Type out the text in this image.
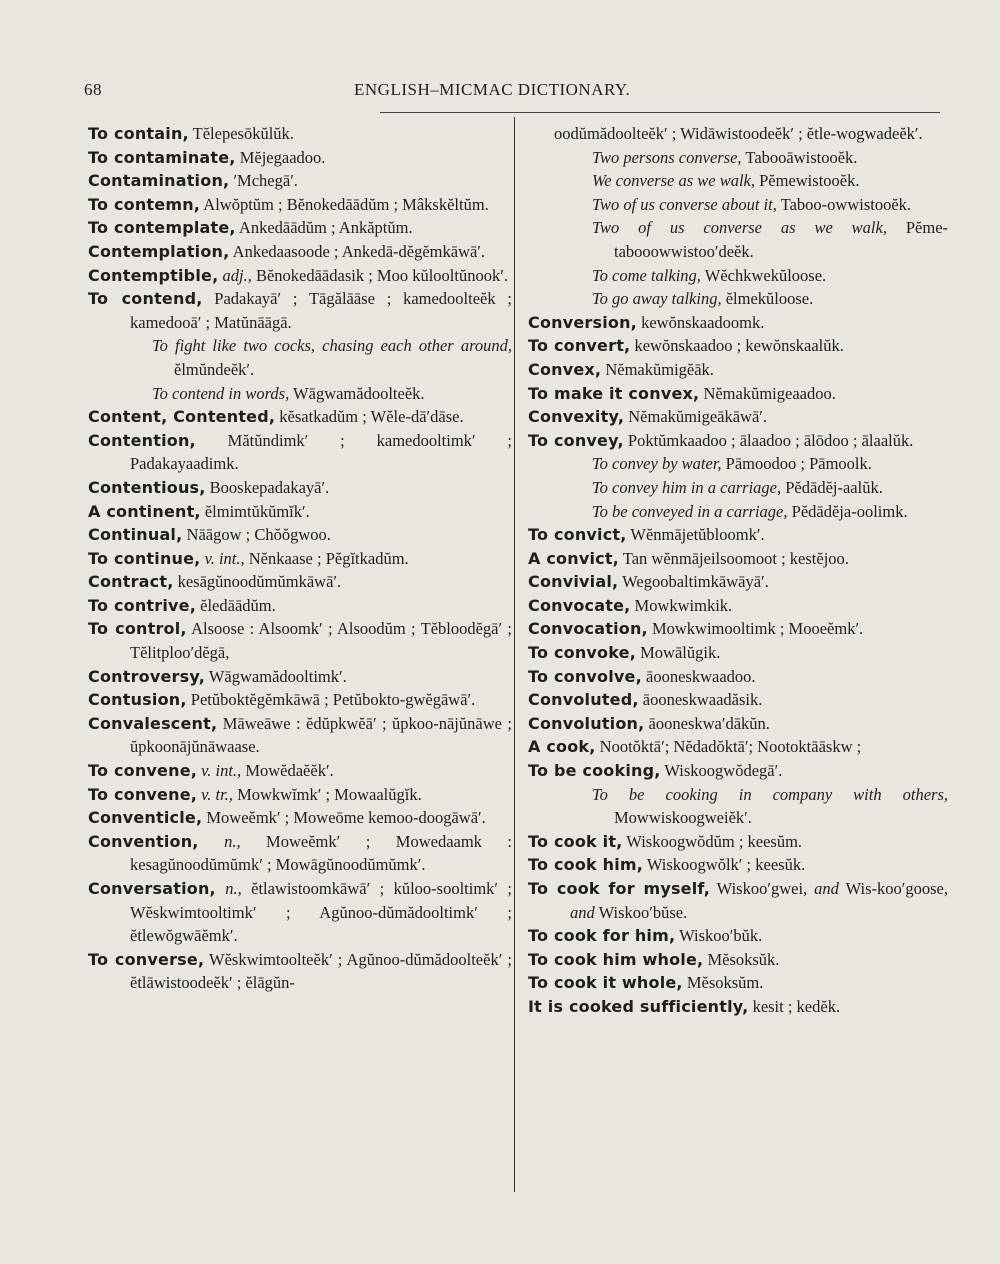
68	ENGLISH–MICMAC DICTIONARY.

To contain, Tĕlepesōkŭlŭk.

To contaminate, Mĕjegaadoo.

Contamination, ′Mchegā′.

To contemn, Alwŏptŭm ; Bĕnokedāādŭm ; Mâkskĕltŭm.

To contemplate, Ankedāādŭm ; Ankăptŭm.

Contemplation, Ankedaasoode ; Ankedā-dĕgĕmkāwā′.

Contemptible, adj., Bĕnokedāādasik ; Moo kŭlooltŭnook′.

To contend, Padakayā′ ; Tāgălāāse ; kamedoolteĕk ; kamedooā′ ; Matŭnāāgā.

To fight like two cocks, chasing each other around, ĕlmŭndeĕk′.

To contend in words, Wāgwamădoolteĕk.

Content, Contented, kĕsatkadŭm ; Wĕle-dā′dāse.

Contention, Mătŭndimk′ ; kamedooltimk′ ; Padakayaadimk.

Contentious, Booskepadakayā′.

A continent, ĕlmimtŭkŭmĭk′.

Continual, Nāāgow ; Chŏŏgwoo.

To continue, v. int., Nĕnkaase ; Pĕgĭtkadŭm.

Contract, kesāgŭnoodŭmŭmkāwā′.

To contrive, ĕledāādŭm.

To control, Alsoose : Alsoomk′ ; Alsoodŭm ; Tĕbloodĕgā′ ; Tĕlitploo′dĕgā,

Controversy, Wāgwamădooltimk′.

Contusion, Petŭboktĕgĕmkāwā ; Petŭbokto-gwĕgāwā′.

Convalescent, Māweāwe : ĕdŭpkwĕā′ ; ŭpkoo-nājŭnāwe ; ŭpkoonājŭnāwaase.

To convene, v. int., Mowĕdaĕĕk′.

To convene, v. tr., Mowkwĭmk′ ; Mowaalŭgĭk.

Conventicle, Moweĕmk′ ; Moweōme kemoo-doogāwā′.

Convention, n., Moweĕmk′ ; Mowedaamk : kesagŭnoodŭmŭmk′ ; Mowāgŭnoodŭmŭmk′.

Conversation, n., ĕtlawistoomkāwā′ ; kŭloo-sooltimk′ ; Wĕskwimtooltimk′ ; Agŭnoo-dŭmădooltimk′ ; ĕtlewŏgwāĕmk′.

To converse, Wĕskwimtoolteĕk′ ; Agŭnoo-dŭmădoolteĕk′ ; ĕtlāwistoodeĕk′ ; ĕlāgŭn-

oodŭmădoolteĕk′ ; Widāwistoodeĕk′ ; ĕtle-wogwadeĕk′.

Two persons converse, Tabooāwistooĕk.

We converse as we walk, Pĕmewistooĕk.

Two of us converse about it, Taboo-owwistooĕk.

Two of us converse as we walk, Pĕme-tabooowwistoo′deĕk.

To come talking, Wĕchkwekŭloose.

To go away talking, ĕlmekŭloose.

Conversion, kewŏnskaadoomk.

To convert, kewŏnskaadoo ; kewŏnskaalŭk.

Convex, Nĕmakŭmigĕāk.

To make it convex, Nĕmakŭmigeaadoo.

Convexity, Nĕmakŭmigeākāwā′.

To convey, Poktŭmkaadoo ; ālaadoo ; ālōdoo ; ālaalŭk.

To convey by water, Pāmoodoo ; Pāmoolk.

To convey him in a carriage, Pĕdādĕj-aalŭk.

To be conveyed in a carriage, Pĕdādĕja-oolimk.

To convict, Wĕnmājetŭbloomk′.

A convict, Tan wĕnmājeilsoomoot ; kestĕjoo.

Convivial, Wegoobaltimkāwāyā′.

Convocate, Mowkwimkik.

Convocation, Mowkwimooltimk ; Mooeĕmk′.

To convoke, Mowālŭgik.

To convolve, āooneskwaadoo.

Convoluted, āooneskwaadăsik.

Convolution, āooneskwa′dākŭn.

A cook, Nootŏktā′; Nĕdadŏktā′; Nootoktāāskw ;

To be cooking, Wiskoogwŏdegā′.

To be cooking in company with others, Mowwiskoogweiĕk′.

To cook it, Wiskoogwŏdŭm ; keesŭm.

To cook him, Wiskoogwŏlk′ ; keesŭk.

To cook for myself, Wiskoo′gwei, and Wis-koo′goose, and Wiskoo′bŭse.

To cook for him, Wiskoo′bŭk.

To cook him whole, Mĕsoksŭk.

To cook it whole, Mĕsoksŭm.

It is cooked sufficiently, kesit ; kedĕk.
